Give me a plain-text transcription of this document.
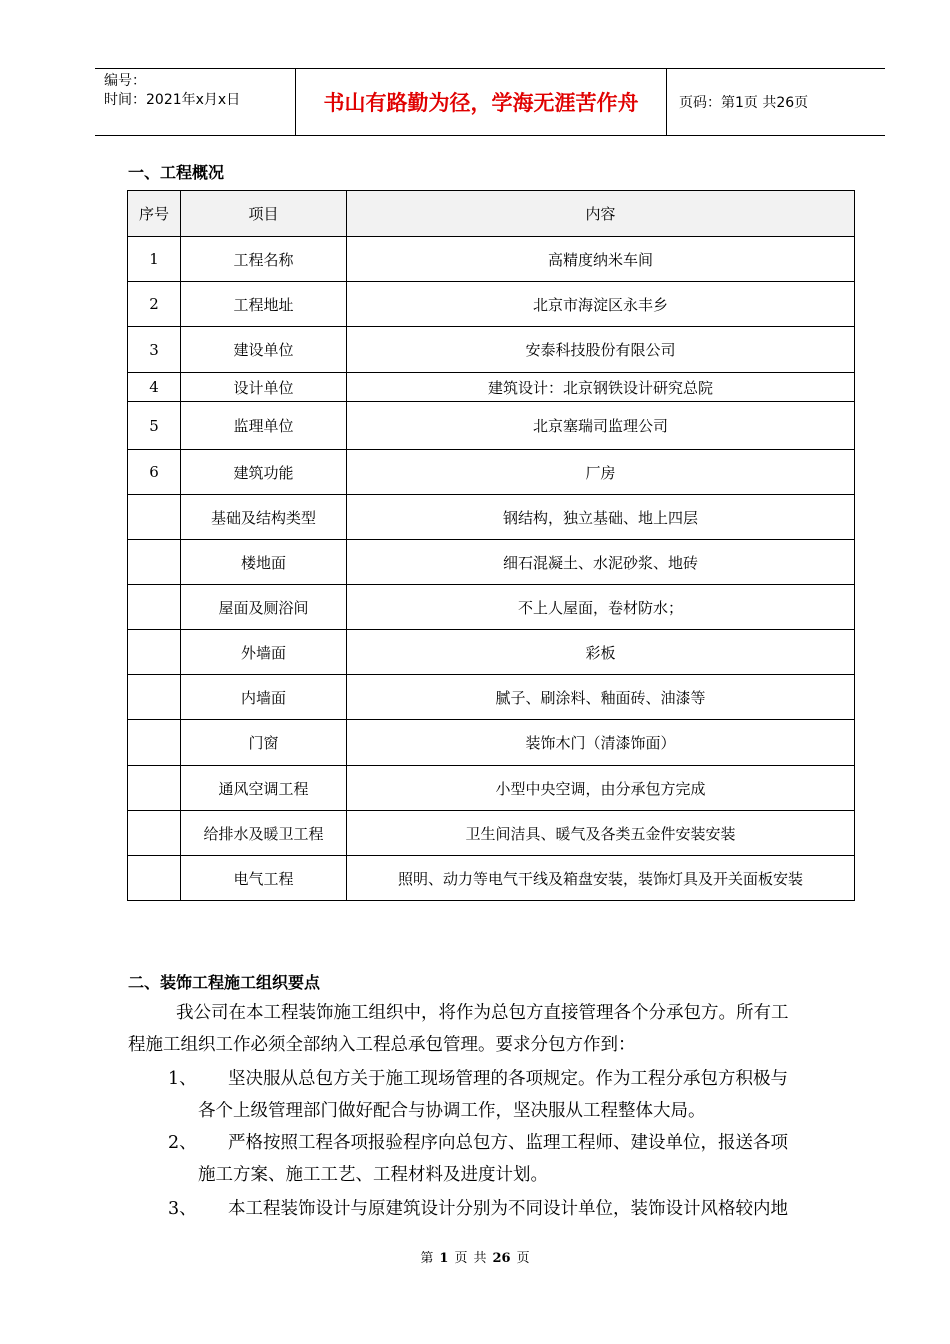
编号：
时间：2021年x月x日	书山有路勤为径，学海无涯苦作舟	页码：第1页 共26页
一、工程概况
序号	项目	内容
1	工程名称	高精度纳米车间
2	工程地址	北京市海淀区永丰乡
3	建设单位	安泰科技股份有限公司
4	设计单位	建筑设计：北京钢铁设计研究总院
5	监理单位	北京塞瑞司监理公司
6	建筑功能	厂房
	基础及结构类型	钢结构，独立基础、地上四层
	楼地面	细石混凝土、水泥砂浆、地砖
	屋面及厕浴间	不上人屋面，卷材防水；
	外墙面	彩板
	内墙面	腻子、刷涂料、釉面砖、油漆等
	门窗	装饰木门（清漆饰面）
	通风空调工程	小型中央空调，由分承包方完成
	给排水及暖卫工程	卫生间洁具、暖气及各类五金件安装安装
	电气工程	照明、动力等电气干线及箱盘安装，装饰灯具及开关面板安装
二、装饰工程施工组织要点
我公司在本工程装饰施工组织中，将作为总包方直接管理各个分承包方。所有工
程施工组织工作必须全部纳入工程总承包管理。要求分包方作到：
1、 坚决服从总包方关于施工现场管理的各项规定。作为工程分承包方积极与
各个上级管理部门做好配合与协调工作，坚决服从工程整体大局。
2、 严格按照工程各项报验程序向总包方、监理工程师、建设单位，报送各项
施工方案、施工工艺、工程材料及进度计划。
3、 本工程装饰设计与原建筑设计分别为不同设计单位，装饰设计风格较内地
第 1 页 共 26 页
